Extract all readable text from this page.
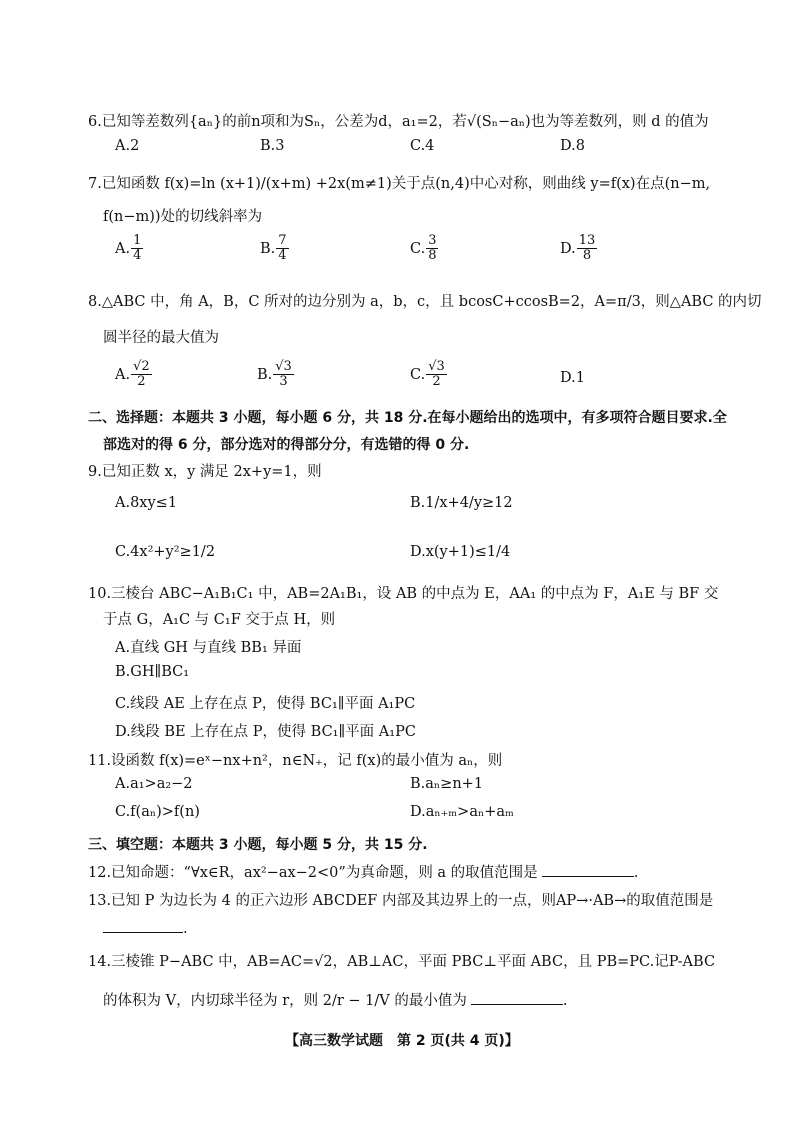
6.已知等差数列{aₙ}的前n项和为Sₙ，公差为d，a₁=2，若√(Sₙ−aₙ)也为等差数列，则 d 的值为
A.2	B.3	C.4	D.8
7.已知函数 f(x)=ln (x+1)/(x+m) +2x(m≠1)关于点(n,4)中心对称，则曲线 y=f(x)在点(n−m,
f(n−m))处的切线斜率为
A. $\frac{1}{4}$	B. $\frac{7}{4}$	C. $\frac{3}{8}$	D. $\frac{13}{8}$
8.△ABC 中，角 A，B，C 所对的边分别为 a，b，c，且 bcosC+ccosB=2，A=π/3，则△ABC 的内切
圆半径的最大值为
A. $\frac{√2}{2}$	B. $\frac{√3}{3}$	C. $\frac{√3}{2}$	D.1
二、选择题：本题共 3 小题，每小题 6 分，共 18 分.在每小题给出的选项中，有多项符合题目要求.全
部选对的得 6 分，部分选对的得部分分，有选错的得 0 分.
9.已知正数 x，y 满足 2x+y=1，则
A.8xy≤1	B.1/x+4/y≥12
C.4x²+y²≥1/2	D.x(y+1)≤1/4
10.三棱台 ABC−A₁B₁C₁ 中，AB=2A₁B₁，设 AB 的中点为 E，AA₁ 的中点为 F，A₁E 与 BF 交
于点 G，A₁C 与 C₁F 交于点 H，则
A.直线 GH 与直线 BB₁ 异面
B.GH∥BC₁
C.线段 AE 上存在点 P，使得 BC₁∥平面 A₁PC
D.线段 BE 上存在点 P，使得 BC₁∥平面 A₁PC
11.设函数 f(x)=eˣ−nx+n²，n∈N₊，记 f(x)的最小值为 aₙ，则
A.a₁>a₂−2	B.aₙ≥n+1
C.f(aₙ)>f(n)	D.aₙ₊ₘ>aₙ+aₘ
三、填空题：本题共 3 小题，每小题 5 分，共 15 分.
12.已知命题：“∀x∈R，ax²−ax−2<0”为真命题，则 a 的取值范围是	.
13.已知 P 为边长为 4 的正六边形 ABCDEF 内部及其边界上的一点，则AP→·AB→的取值范围是
.
14.三棱锥 P−ABC 中，AB=AC=√2，AB⊥AC，平面 PBC⊥平面 ABC，且 PB=PC.记P-ABC
的体积为 V，内切球半径为 r，则 2/r − 1/V 的最小值为	.
【高三数学试题　第 2 页(共 4 页)】
